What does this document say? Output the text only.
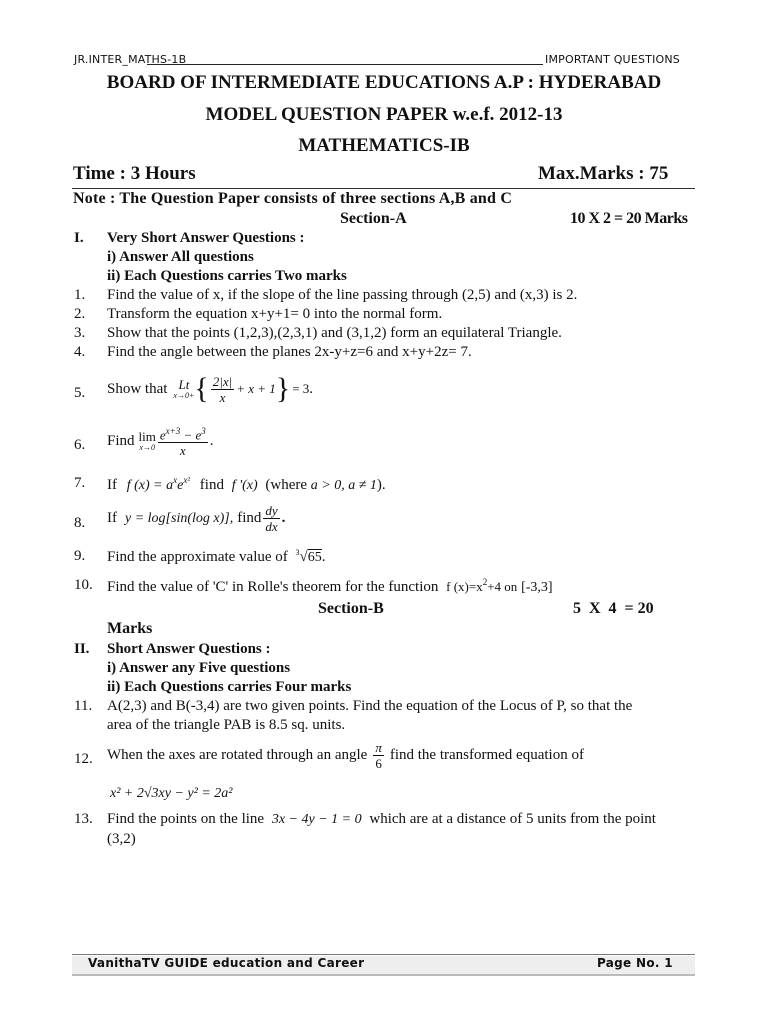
JR.INTER_MATHS-1B	IMPORTANT QUESTIONS
BOARD OF INTERMEDIATE EDUCATIONS A.P : HYDERABAD
MODEL QUESTION PAPER w.e.f. 2012-13
MATHEMATICS-IB
Time : 3 Hours	Max.Marks : 75
Note : The Question Paper consists of three sections A,B and C
Section-A	10 X 2 = 20 Marks
I. Very Short Answer Questions :
i) Answer All questions
ii) Each Questions carries Two marks
1. Find the value of x, if the slope of the line passing through (2,5) and (x,3) is 2.
2. Transform the equation x+y+1= 0 into the normal form.
3. Show that the points (1,2,3),(2,3,1) and (3,1,2) form an equilateral Triangle.
4. Find the angle between the planes 2x-y+z=6 and x+y+2z= 7.
5. Show that Lt
x→0+ { $\frac{2|x|}{x} + x + 1$ } = 3 .
6. Find lim
$x\to 0 \frac{e^{x+3} - e^3}{x}$ .
7. If f $(x) = a^xe^{x^2}$ find f '(x) (where a > 0, a ≠ 1).
8. If y = log[sin(log x)], find $\frac{dy}{dx}$ .
9. Find the approximate value of $^3$√65.
10. Find the value of 'C' in Rolle's theorem for the function f $(x)=x^2+4$ on [-3,3]
Section-B	5  X  4  = 20
Marks
II. Short Answer Questions :
i) Answer any Five questions
ii) Each Questions carries Four marks
11. A(2,3) and B(-3,4) are two given points. Find the equation of the Locus of P, so that the
area of the triangle PAB is 8.5 sq. units.
12. When the axes are rotated through an angle $\frac{\pi}{6}$ find the transformed equation of
x² + 2√3xy − y² = 2a²
13. Find the points on the line 3x − 4y − 1 = 0 which are at a distance of 5 units from the point
(3,2)
VanithaTV GUIDE education and Career	Page No. 1
